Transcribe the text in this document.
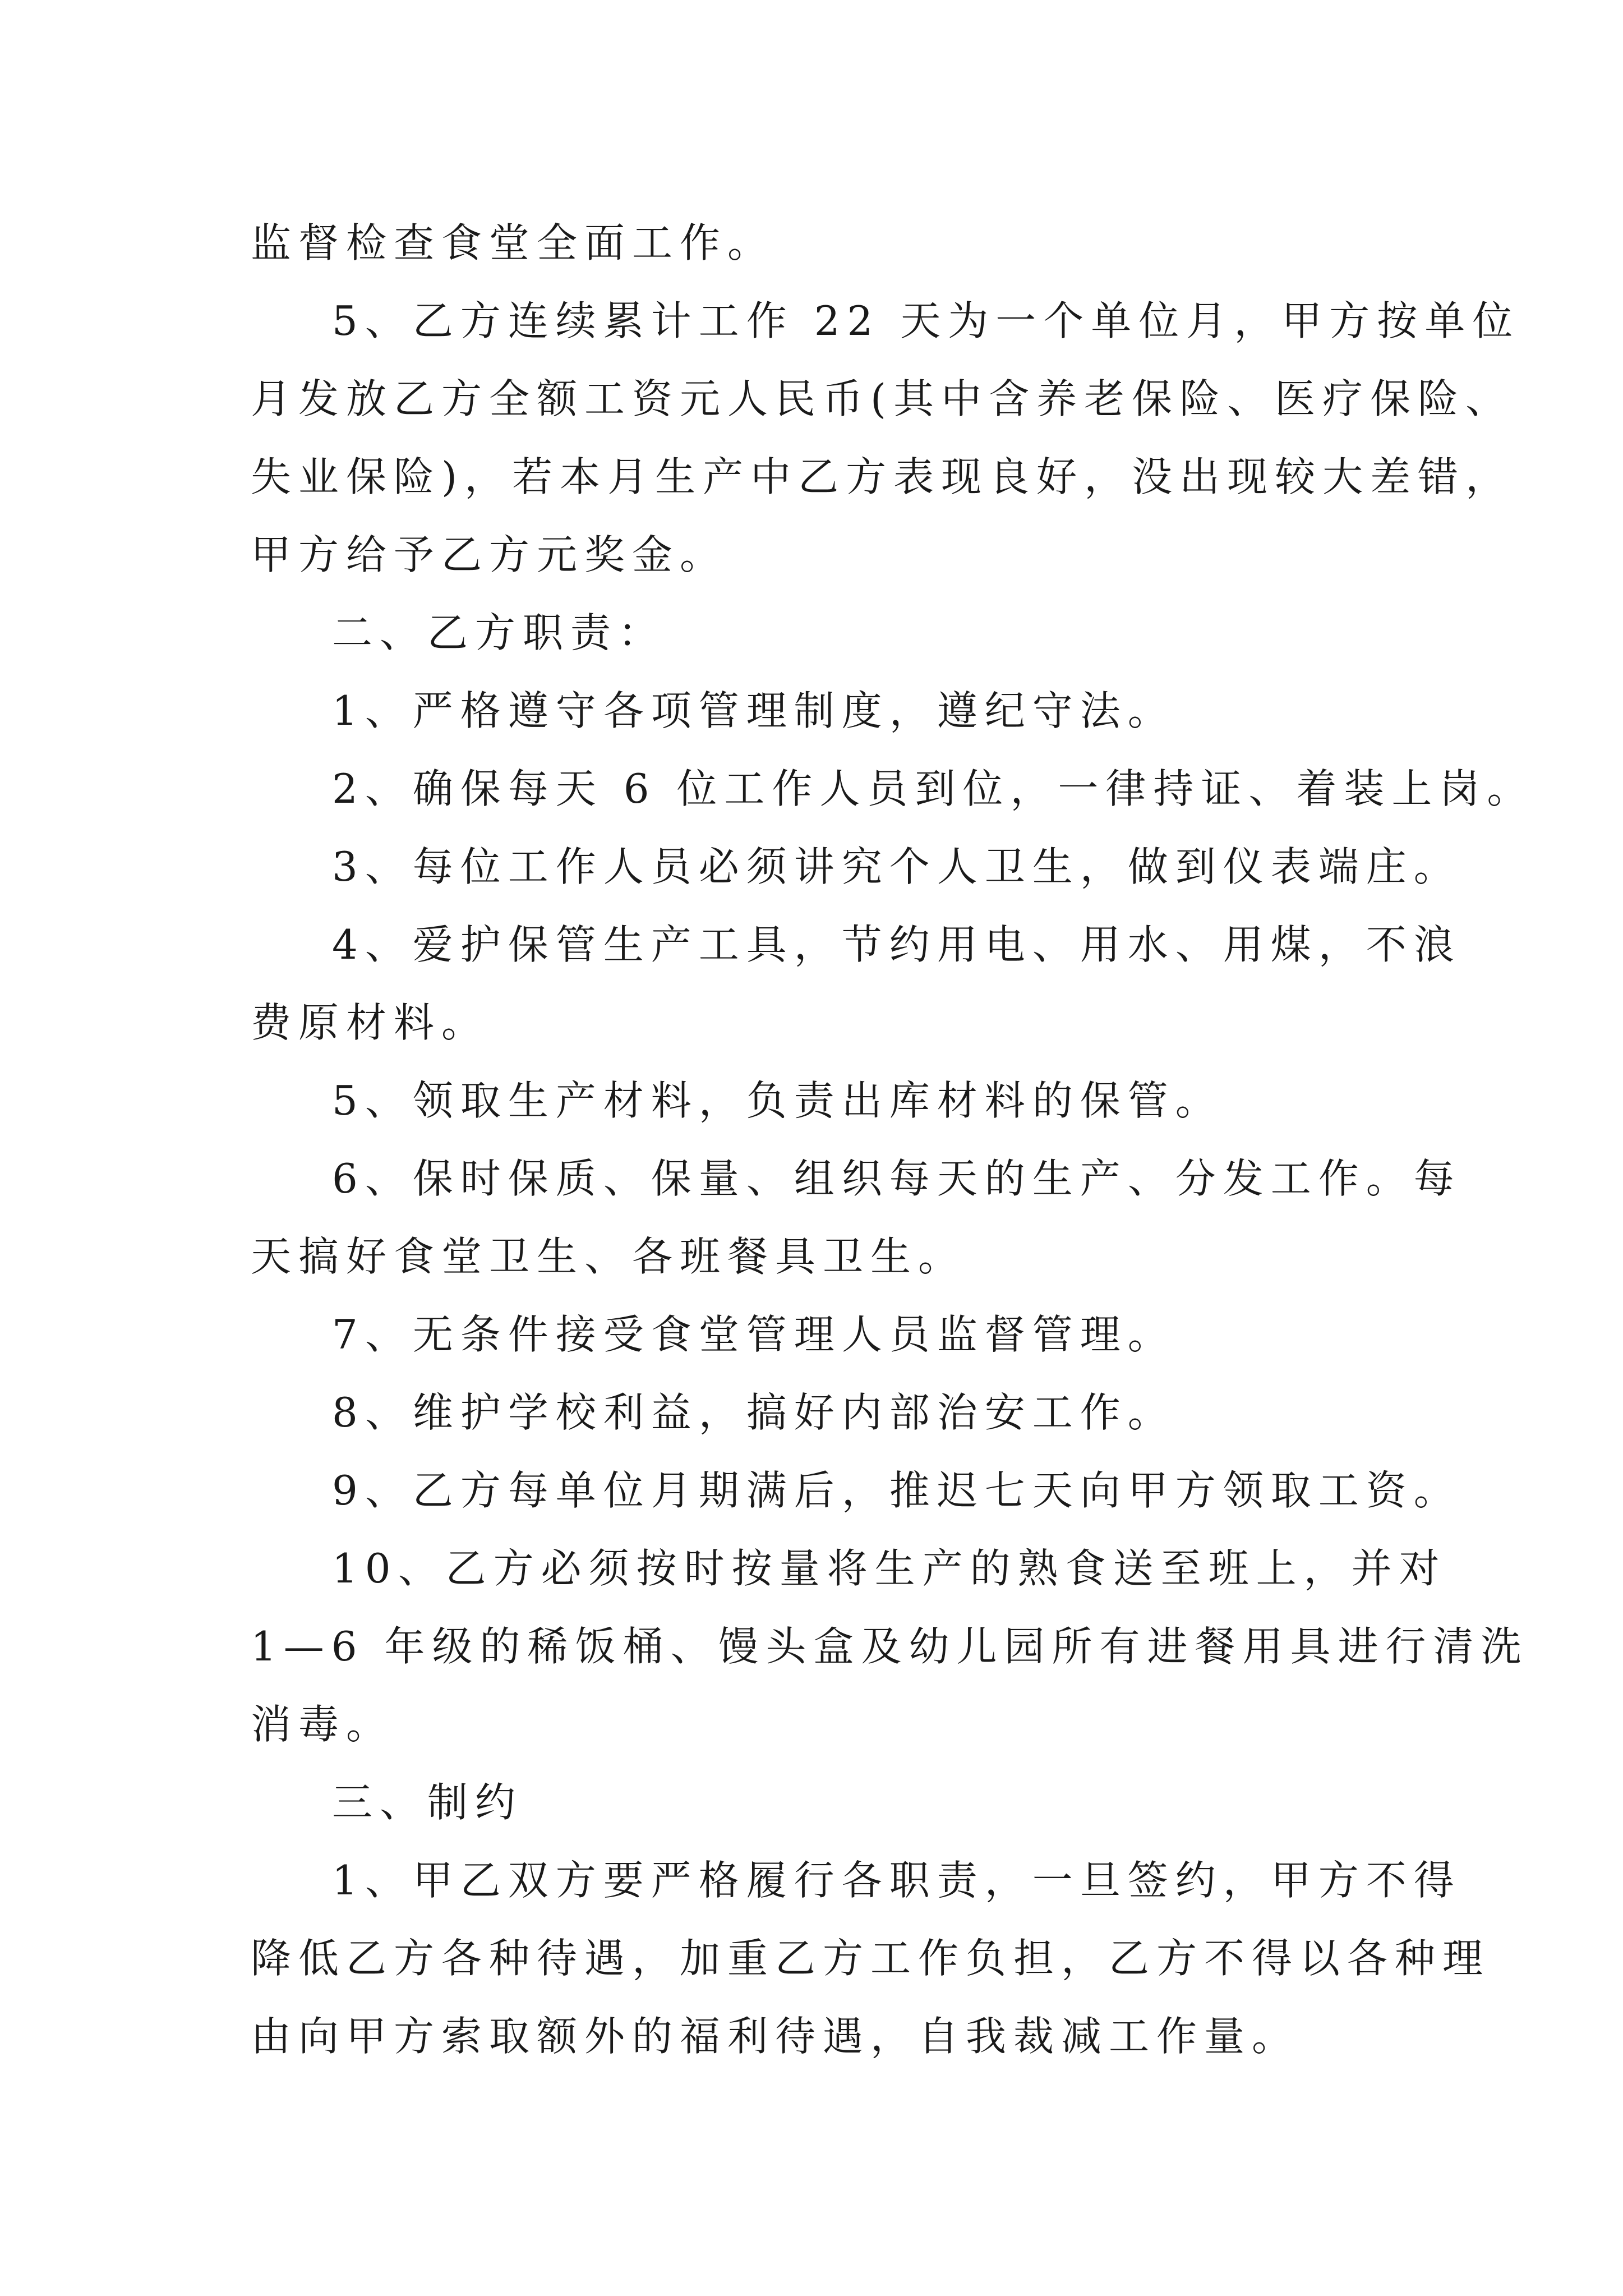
监督检查食堂全面工作。
5、乙方连续累计工作 22 天为一个单位月，甲方按单位
月发放乙方全额工资元人民币(其中含养老保险、医疗保险、
失业保险)，若本月生产中乙方表现良好，没出现较大差错，
甲方给予乙方元奖金。
二、乙方职责：
1、严格遵守各项管理制度，遵纪守法。
2、确保每天 6 位工作人员到位，一律持证、着装上岗。
3、每位工作人员必须讲究个人卫生，做到仪表端庄。
4、爱护保管生产工具，节约用电、用水、用煤，不浪
费原材料。
5、领取生产材料，负责出库材料的保管。
6、保时保质、保量、组织每天的生产、分发工作。每
天搞好食堂卫生、各班餐具卫生。
7、无条件接受食堂管理人员监督管理。
8、维护学校利益，搞好内部治安工作。
9、乙方每单位月期满后，推迟七天向甲方领取工资。
10、乙方必须按时按量将生产的熟食送至班上，并对
1—6 年级的稀饭桶、馒头盒及幼儿园所有进餐用具进行清洗
消毒。
三、制约
1、甲乙双方要严格履行各职责，一旦签约，甲方不得
降低乙方各种待遇，加重乙方工作负担，乙方不得以各种理
由向甲方索取额外的福利待遇，自我裁减工作量。
